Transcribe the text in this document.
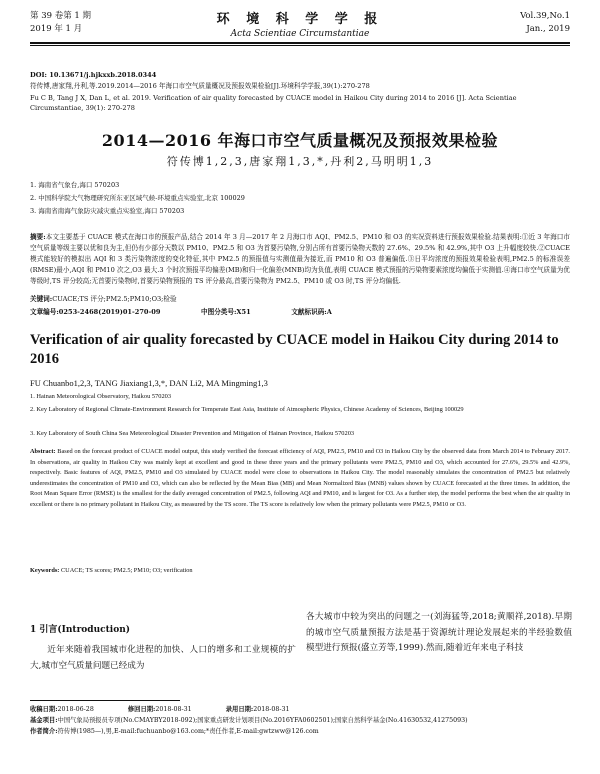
第 39 卷第 1 期
2019 年 1 月
环 境 科 学 学 报
Acta Scientiae Circumstantiae
Vol.39,No.1
Jan., 2019
DOI: 10.13671/j.hjkxxb.2018.0344
符传博,唐家翔,丹利,等.2019.2014—2016 年海口市空气质量概况及预报效果检验[J].环境科学学报,39(1):270-278
Fu C B, Tang J X, Dan L, et al. 2019. Verification of air quality forecasted by CUACE model in Haikou City during 2014 to 2016 [J]. Acta Scientiae Circumstantiae, 39(1): 270-278
2014—2016 年海口市空气质量概况及预报效果检验
符传博1,2,3,唐家翔1,3,*,丹利2,马明明1,3
1. 海南省气象台,海口 570203
2. 中国科学院大气物理研究所东亚区域气候-环境重点实验室,北京 100029
3. 海南省南海气象防灾减灾重点实验室,海口 570203
摘要:本文主要基于 CUACE 模式在海口市的预报产品,结合 2014 年 3 月—2017 年 2 月海口市 AQI、PM2.5、PM10 和 O3 的实况资料进行预报效果检验.结果表明:①近 3 年海口市空气质量等级主要以优和良为主,但仍有少部分天数以 PM10、PM2.5 和 O3 为首要污染物,分别占所有首要污染物天数的 27.6%、29.5% 和 42.9%,其中 O3 上升幅度较快.②CUACE 模式能较好的模拟出 AQI 和 3 类污染物浓度的变化特征,其中 PM2.5 的预报值与实测值最为接近,而 PM10 和 O3 普遍偏低.③日平均浓度的预报效果检验表明,PM2.5 的标准误差(RMSE)最小,AQI 和 PM10 次之,O3 最大.3 个时次预报平均偏差(MB)和归一化偏差(MNB)均为负值,表明 CUACE 模式预报的污染物要素浓度均偏低于实测值.④海口市空气质量为优等级时,TS 评分较高;无首要污染物时,首要污染物预报的 TS 评分最高,首要污染物为 PM2.5、PM10 或 O3 时,TS 评分均偏低.
关键词:CUACE;TS 评分;PM2.5;PM10;O3;检验
文章编号:0253-2468(2019)01-270-09	中图分类号:X51	文献标识码:A
Verification of air quality forecasted by CUACE model in Haikou City during 2014 to 2016
FU Chuanbo1,2,3, TANG Jiaxiang1,3,*, DAN Li2, MA Mingming1,3
1. Hainan Meteorological Observatory, Haikou 570203
2. Key Laboratory of Regional Climate-Environment Research for Temperate East Asia, Institute of Atmospheric Physics, Chinese Academy of Sciences, Beijing 100029
3. Key Laboratory of South China Sea Meteorological Disaster Prevention and Mitigation of Hainan Province, Haikou 570203
Abstract: Based on the forecast product of CUACE model output, this study verified the forecast efficiency of AQI, PM2.5, PM10 and O3 in Haikou City by the observed data from March 2014 to February 2017. In observations, air quality in Haikou City was mainly kept at excellent and good in these three years and the primary pollutants were PM2.5, PM10 and O3, which accounted for 27.6%, 29.5% and 42.9%, respectively. Basic features of AQI, PM2.5, PM10 and O3 simulated by CUACE model were close to observations in Haikou City. The model reasonably simulates the concentration of PM2.5 but relatively underestimates the concentration of PM10 and O3, which can also be reflected by the Mean Bias (MB) and Mean Normalized Bias (MNB) values shown by CUACE forecasted at the three times. In addition, the Root Mean Square Error (RMSE) is the smallest for the daily averaged concentration of PM2.5, following AQI and PM10, and is largest for O3. As a further step, the model performs the best when the air quality in excellent or there is no primary pollutant in Haikou City, as measured by the TS score. The TS score is relatively low when the primary pollutants were PM2.5, PM10 or O3.
Keywords: CUACE; TS scores; PM2.5; PM10; O3; verification
1 引言(Introduction)
近年来随着我国城市化进程的加快、人口的增多和工业规模的扩大,城市空气质量问题已经成为
各大城市中较为突出的问题之一(刘海猛等,2018;黄顺祥,2018).早期的城市空气质量预报方法是基于资源统计理论发展起来的半经验数值模型进行预报(盛立芳等,1999).然而,随着近年来电子科技
收稿日期:2018-06-28	修回日期:2018-08-31	录用日期:2018-08-31
基金项目:中国气象局预报员专项(No.CMAYBY2018-092);国家重点研发计划项目(No.2016YFA0602501);国家自然科学基金(No.41630532,41275093)
作者简介:符传博(1985—),男,E-mail:fuchuanbo@163.com;*责任作者,E-mail:gwtzww@126.com
